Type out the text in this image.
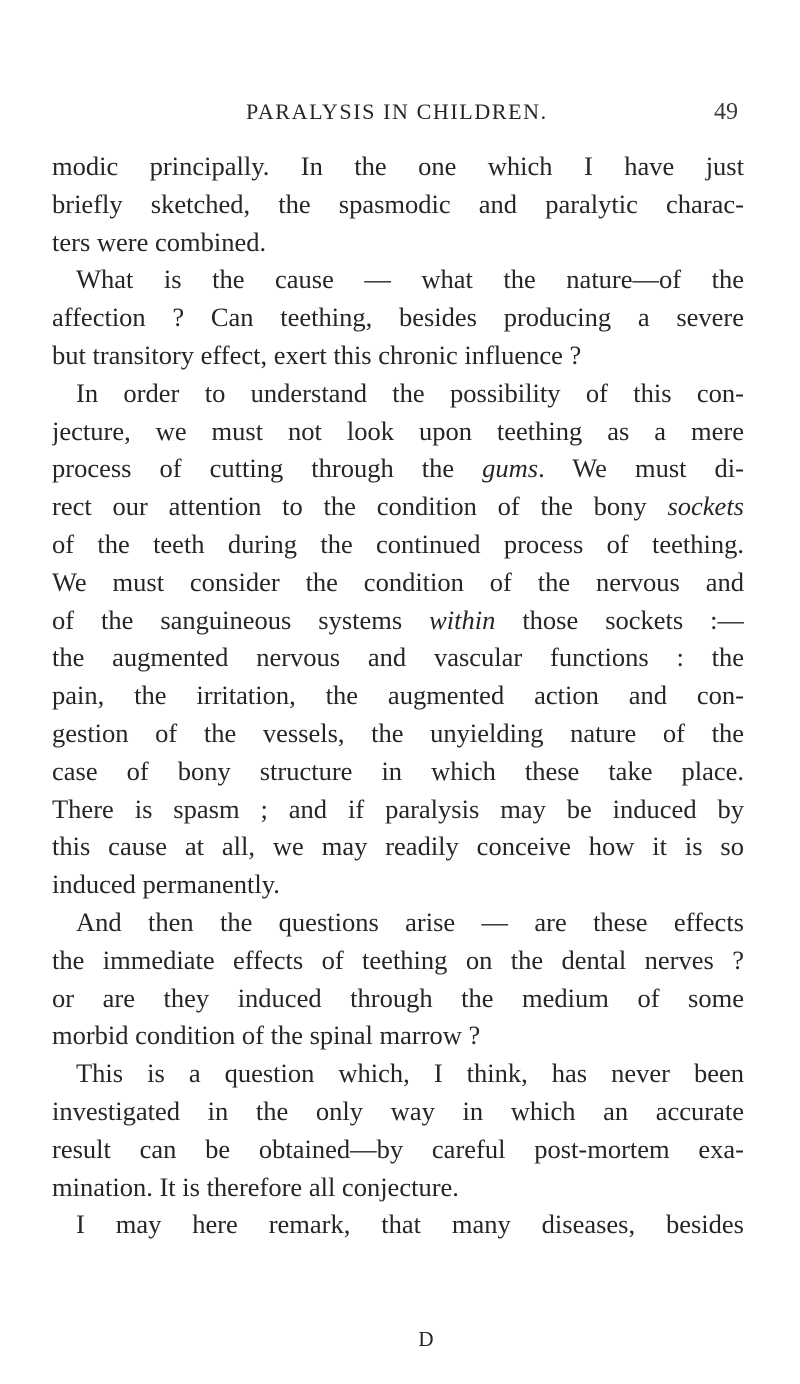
PARALYSIS IN CHILDREN.	49
modic principally. In the one which I have just
briefly sketched, the spasmodic and paralytic charac-
ters were combined.
What is the cause — what the nature—of the
affection ? Can teething, besides producing a severe
but transitory effect, exert this chronic influence ?
In order to understand the possibility of this con-
jecture, we must not look upon teething as a mere
process of cutting through the gums. We must di-
rect our attention to the condition of the bony sockets
of the teeth during the continued process of teething.
We must consider the condition of the nervous and
of the sanguineous systems within those sockets :—
the augmented nervous and vascular functions : the
pain, the irritation, the augmented action and con-
gestion of the vessels, the unyielding nature of the
case of bony structure in which these take place.
There is spasm ; and if paralysis may be induced by
this cause at all, we may readily conceive how it is so
induced permanently.
And then the questions arise — are these effects
the immediate effects of teething on the dental nerves ?
or are they induced through the medium of some
morbid condition of the spinal marrow ?
This is a question which, I think, has never been
investigated in the only way in which an accurate
result can be obtained—by careful post-mortem exa-
mination. It is therefore all conjecture.
I may here remark, that many diseases, besides
D
